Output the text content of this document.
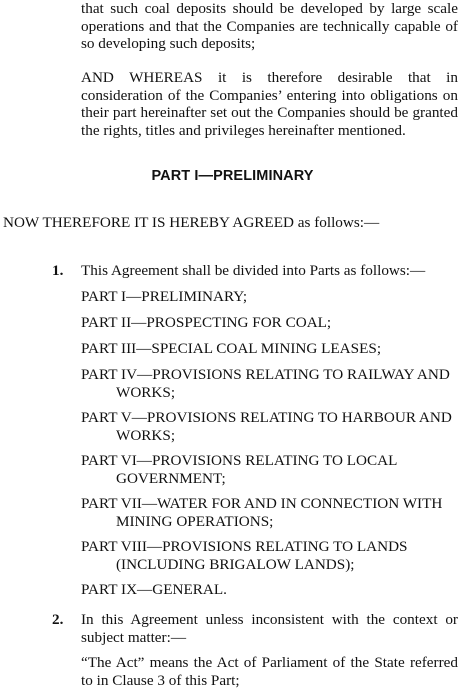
that such coal deposits should be developed by large scale operations and that the Companies are technically capable of so developing such deposits;

AND WHEREAS it is therefore desirable that in consideration of the Companies’ entering into obligations on their part hereinafter set out the Companies should be granted the rights, titles and privileges hereinafter mentioned.

PART I—PRELIMINARY

NOW THEREFORE IT IS HEREBY AGREED as follows:—

1. This Agreement shall be divided into Parts as follows:—

PART I—PRELIMINARY;
PART II—PROSPECTING FOR COAL;
PART III—SPECIAL COAL MINING LEASES;
PART IV—PROVISIONS RELATING TO RAILWAY AND
WORKS;
PART V—PROVISIONS RELATING TO HARBOUR AND
WORKS;
PART VI—PROVISIONS RELATING TO LOCAL
GOVERNMENT;
PART VII—WATER FOR AND IN CONNECTION WITH
MINING OPERATIONS;
PART VIII—PROVISIONS RELATING TO LANDS
(INCLUDING BRIGALOW LANDS);
PART IX—GENERAL.
2. In this Agreement unless inconsistent with the context or subject matter:—

“The Act” means the Act of Parliament of the State referred to in Clause 3 of this Part;
